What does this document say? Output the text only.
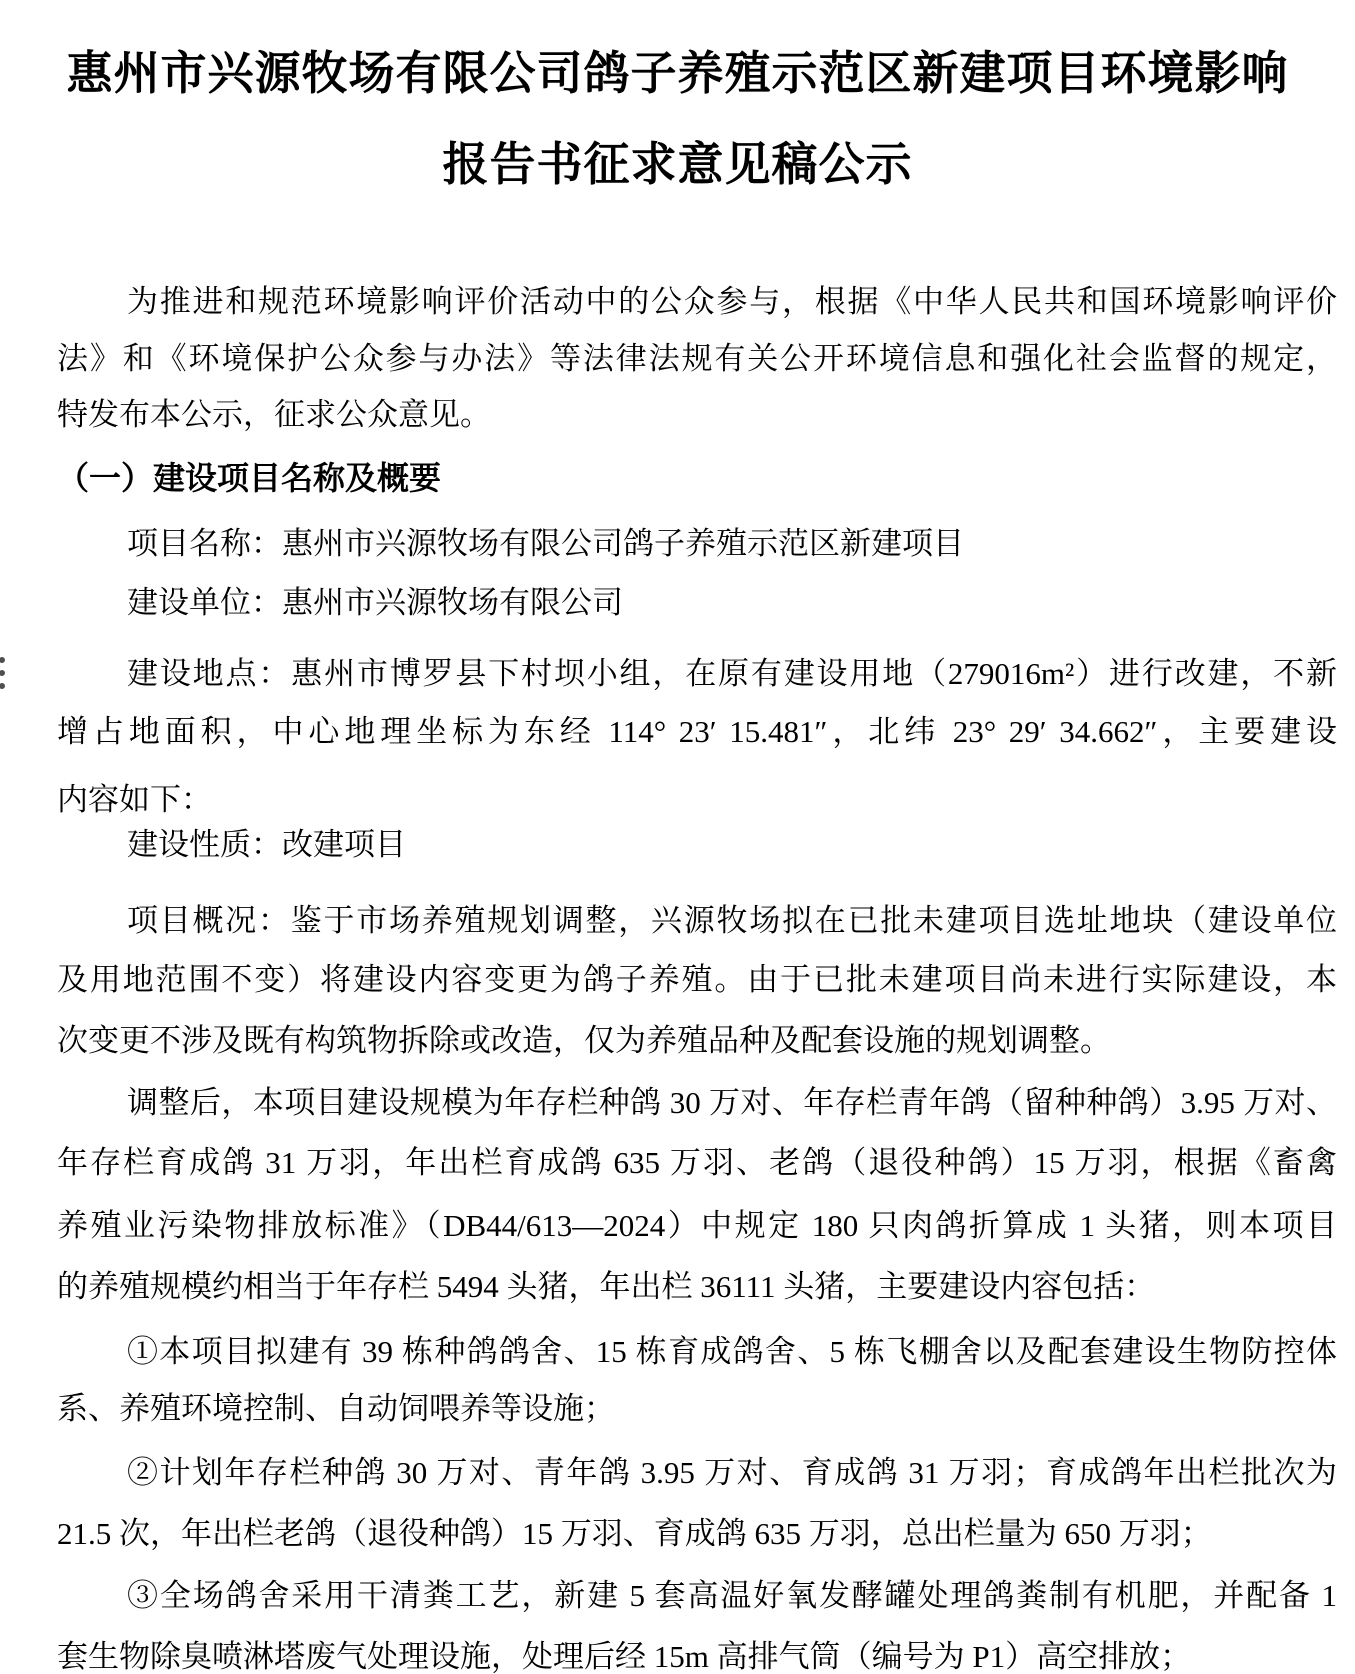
惠州市兴源牧场有限公司鸽子养殖示范区新建项目环境影响
报告书征求意见稿公示
为推进和规范环境影响评价活动中的公众参与，根据《中华人民共和国环境影响评价
法》和《环境保护公众参与办法》等法律法规有关公开环境信息和强化社会监督的规定，
特发布本公示，征求公众意见。
（一）建设项目名称及概要
项目名称：惠州市兴源牧场有限公司鸽子养殖示范区新建项目
建设单位：惠州市兴源牧场有限公司
建设地点：惠州市博罗县下村坝小组，在原有建设用地（279016m²）进行改建，不新
增占地面积，中心地理坐标为东经 114° 23′ 15.481″，北纬 23° 29′ 34.662″，主要建设
内容如下：
建设性质：改建项目
项目概况：鉴于市场养殖规划调整，兴源牧场拟在已批未建项目选址地块（建设单位
及用地范围不变）将建设内容变更为鸽子养殖。由于已批未建项目尚未进行实际建设，本
次变更不涉及既有构筑物拆除或改造，仅为养殖品种及配套设施的规划调整。
调整后，本项目建设规模为年存栏种鸽 30 万对、年存栏青年鸽（留种种鸽）3.95 万对、
年存栏育成鸽 31 万羽，年出栏育成鸽 635 万羽、老鸽（退役种鸽）15 万羽，根据《畜禽
养殖业污染物排放标准》（DB44/613—2024）中规定 180 只肉鸽折算成 1 头猪，则本项目
的养殖规模约相当于年存栏 5494 头猪，年出栏 36111 头猪，主要建设内容包括：
①本项目拟建有 39 栋种鸽鸽舍、15 栋育成鸽舍、5 栋飞棚舍以及配套建设生物防控体
系、养殖环境控制、自动饲喂养等设施；
②计划年存栏种鸽 30 万对、青年鸽 3.95 万对、育成鸽 31 万羽；育成鸽年出栏批次为
21.5 次，年出栏老鸽（退役种鸽）15 万羽、育成鸽 635 万羽，总出栏量为 650 万羽；
③全场鸽舍采用干清粪工艺，新建 5 套高温好氧发酵罐处理鸽粪制有机肥，并配备 1
套生物除臭喷淋塔废气处理设施，处理后经 15m 高排气筒（编号为 P1）高空排放；
